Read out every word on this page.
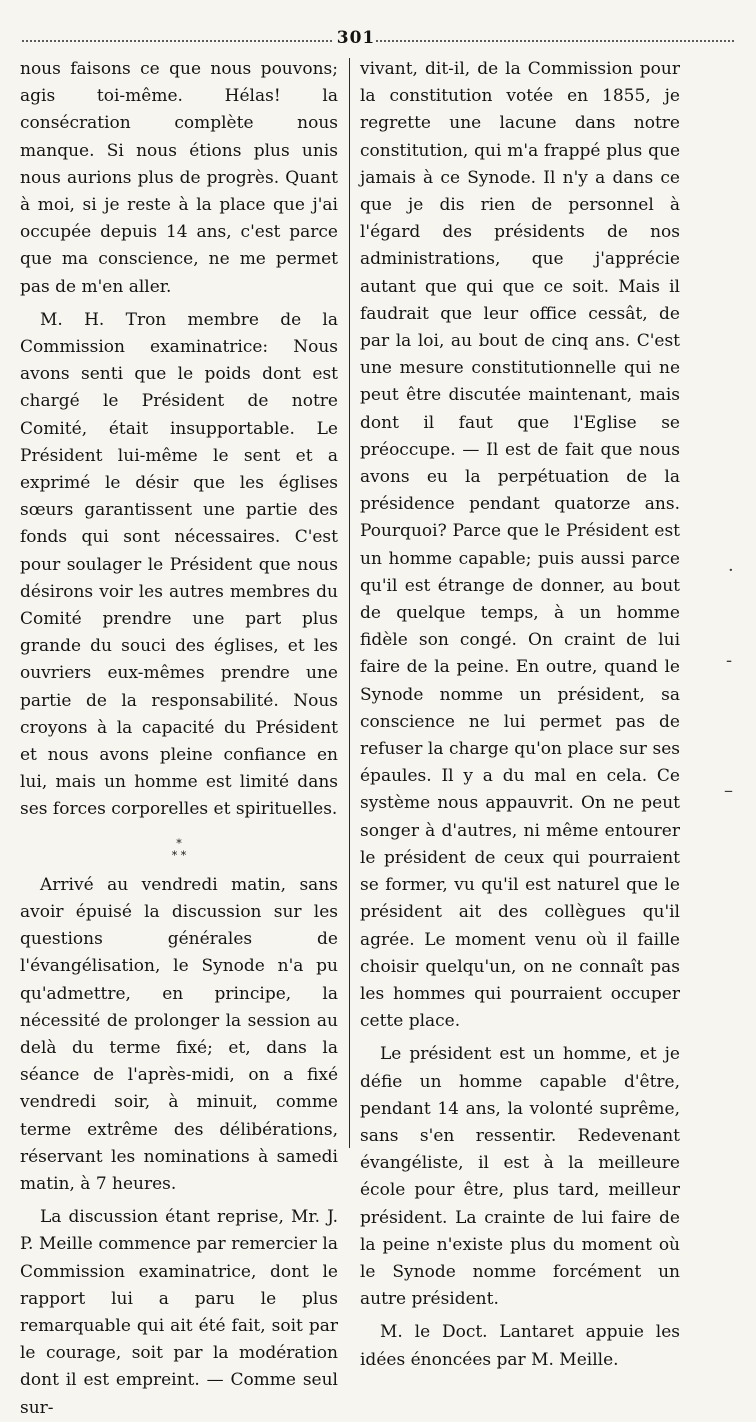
301

nous faisons ce que nous pouvons; agis toi-même. Hélas! la consécration complète nous manque. Si nous étions plus unis nous aurions plus de progrès. Quant à moi, si je reste à la place que j'ai occupée depuis 14 ans, c'est parce que ma conscience, ne me permet pas de m'en aller.

M. H. Tron membre de la Commission examinatrice: Nous avons senti que le poids dont est chargé le Président de notre Comité, était insupportable. Le Président lui-même le sent et a exprimé le désir que les églises sœurs garantissent une partie des fonds qui sont nécessaires. C'est pour soulager le Président que nous désirons voir les autres membres du Comité prendre une part plus grande du souci des églises, et les ouvriers eux-mêmes prendre une partie de la responsabilité. Nous croyons à la capacité du Président et nous avons pleine confiance en lui, mais un homme est limité dans ses forces corporelles et spirituelles.

*
* *

Arrivé au vendredi matin, sans avoir épuisé la discussion sur les questions générales de l'évangélisation, le Synode n'a pu qu'admettre, en principe, la nécessité de prolonger la session au delà du terme fixé; et, dans la séance de l'après-midi, on a fixé vendredi soir, à minuit, comme terme extrême des délibérations, réservant les nominations à samedi matin, à 7 heures.

La discussion étant reprise, Mr. J. P. Meille commence par remercier la Commission examinatrice, dont le rapport lui a paru le plus remarquable qui ait été fait, soit par le courage, soit par la modération dont il est empreint. — Comme seul sur-

vivant, dit-il, de la Commission pour la constitution votée en 1855, je regrette une lacune dans notre constitution, qui m'a frappé plus que jamais à ce Synode. Il n'y a dans ce que je dis rien de personnel à l'égard des présidents de nos administrations, que j'apprécie autant que qui que ce soit. Mais il faudrait que leur office cessât, de par la loi, au bout de cinq ans. C'est une mesure constitutionnelle qui ne peut être discutée maintenant, mais dont il faut que l'Eglise se préoccupe. — Il est de fait que nous avons eu la perpétuation de la présidence pendant quatorze ans. Pourquoi? Parce que le Président est un homme capable; puis aussi parce qu'il est étrange de donner, au bout de quelque temps, à un homme fidèle son congé. On craint de lui faire de la peine. En outre, quand le Synode nomme un président, sa conscience ne lui permet pas de refuser la charge qu'on place sur ses épaules. Il y a du mal en cela. Ce système nous appauvrit. On ne peut songer à d'autres, ni même entourer le président de ceux qui pourraient se former, vu qu'il est naturel que le président ait des collègues qu'il agrée. Le moment venu où il faille choisir quelqu'un, on ne connaît pas les hommes qui pourraient occuper cette place.

Le président est un homme, et je défie un homme capable d'être, pendant 14 ans, la volonté suprême, sans s'en ressentir. Redevenant évangéliste, il est à la meilleure école pour être, plus tard, meilleur président. La crainte de lui faire de la peine n'existe plus du moment où le Synode nomme forcément un autre président.

M. le Doct. Lantaret appuie les idées énoncées par M. Meille.

·
-
–
